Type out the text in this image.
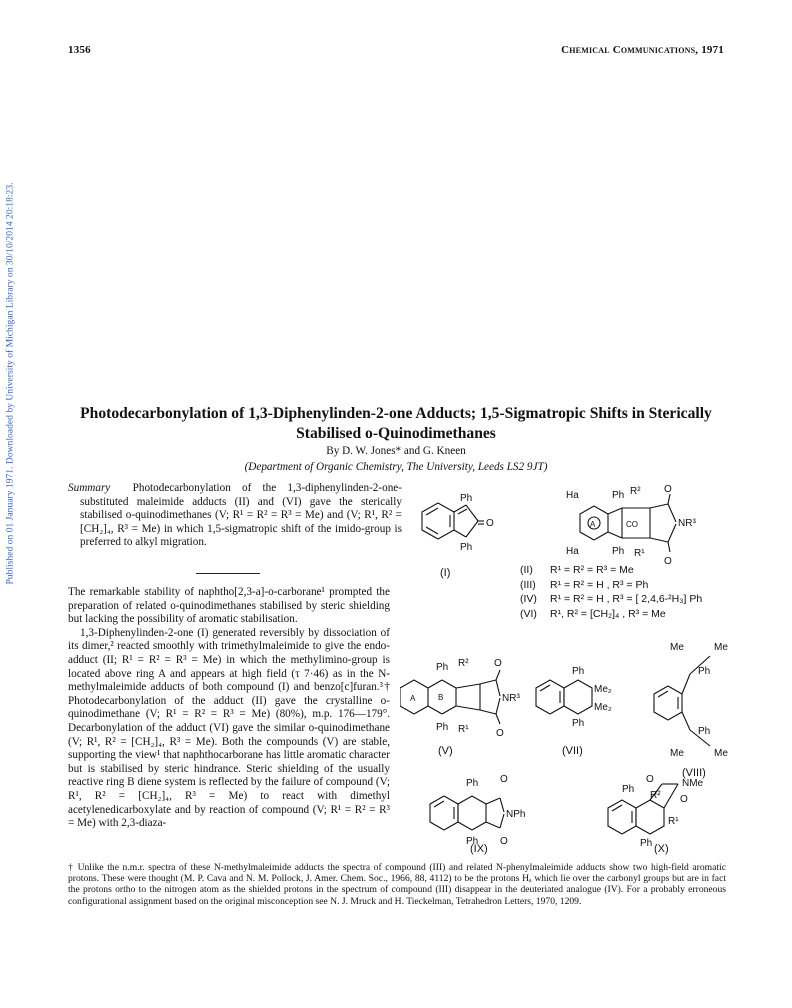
1356	Chemical Communications, 1971
Published on 01 January 1971. Downloaded by University of Michigan Library on 30/10/2014 20:18:23.	Photodecarbonylation of 1,3-Diphenylinden-2-one Adducts; 1,5-Sigmatropic Shifts in Sterically Stabilised o-Quinodimethanes
By D. W. Jones* and G. Kneen
(Department of Organic Chemistry, The University, Leeds LS2 9JT)
Summary Photodecarbonylation of the 1,3-diphenylinden-2-one-substituted maleimide adducts (II) and (VI) gave the sterically stabilised o-quinodimethanes (V; R¹ = R² = R³ = Me) and (V; R¹, R² = [CH₂]₄, R³ = Me) in which 1,5-sigmatropic shift of the imido-group is preferred to alkyl migration.

The remarkable stability of naphtho[2,3-a]-o-carborane¹ prompted the preparation of related o-quinodimethanes stabilised by steric shielding but lacking the possibility of aromatic stabilisation.

1,3-Diphenylinden-2-one (I) generated reversibly by dissociation of its dimer,² reacted smoothly with trimethylmaleimide to give the endo-adduct (II; R¹ = R² = R³ = Me) in which the methylimino-group is located above ring A and appears at high field (τ 7·46) as in the N-methylmaleimide adducts of both compound (I) and benzo[c]furan.³† Photodecarbonylation of the adduct (II) gave the crystalline o-quinodimethane (V; R¹ = R² = R³ = Me) (80%), m.p. 176—179°. Decarbonylation of the adduct (VI) gave the similar o-quinodimethane (V; R¹, R² = [CH₂]₄, R³ = Me). Both the compounds (V) are stable, supporting the view¹ that naphthocarborane has little aromatic character but is stabilised by steric hindrance. Steric shielding of the usually reactive ring B diene system is reflected by the failure of compound (V; R¹, R² = [CH₂]₄, R³ = Me) to react with dimethyl acetylenedicarboxylate and by reaction of compound (V; R¹ = R² = R³ = Me) with 2,3-diaza-

Ph
O
Ph
(I)
Ha	Ph R² O
A	CO	NR³
Ha	Ph R¹
O
A	B
Ph R²	O
NR³
Ph R¹	O
(V)
Ph
Me₂
Me₂
Ph
(VII)
Me	Me
Ph
Ph
Me	Me
(VIII)
Ph O
NPh
Ph O
(IX)
O	NMe
Ph
R² O
R¹
Ph (X)
(II) R¹ = R² = R³ = Me
(III) R¹ = R² = H , R³ = Ph
(IV) R¹ = R² = H , R³ = [ 2,4,6-²H₃] Ph
(VI) R¹, R² = [CH₂]₄ , R³ = Me
† Unlike the n.m.r. spectra of these N-methylmaleimide adducts the spectra of compound (III) and related N-phenylmaleimide adducts show two high-field aromatic protons. These were thought (M. P. Cava and N. M. Pollock, J. Amer. Chem. Soc., 1966, 88, 4112) to be the protons Hₐ which lie over the carbonyl groups but are in fact the protons ortho to the nitrogen atom as the shielded protons in the spectrum of compound (III) disappear in the deuteriated analogue (IV). For a probably erroneous configurational assignment based on the original misconception see N. J. Mruck and H. Tieckelman, Tetrahedron Letters, 1970, 1209.
